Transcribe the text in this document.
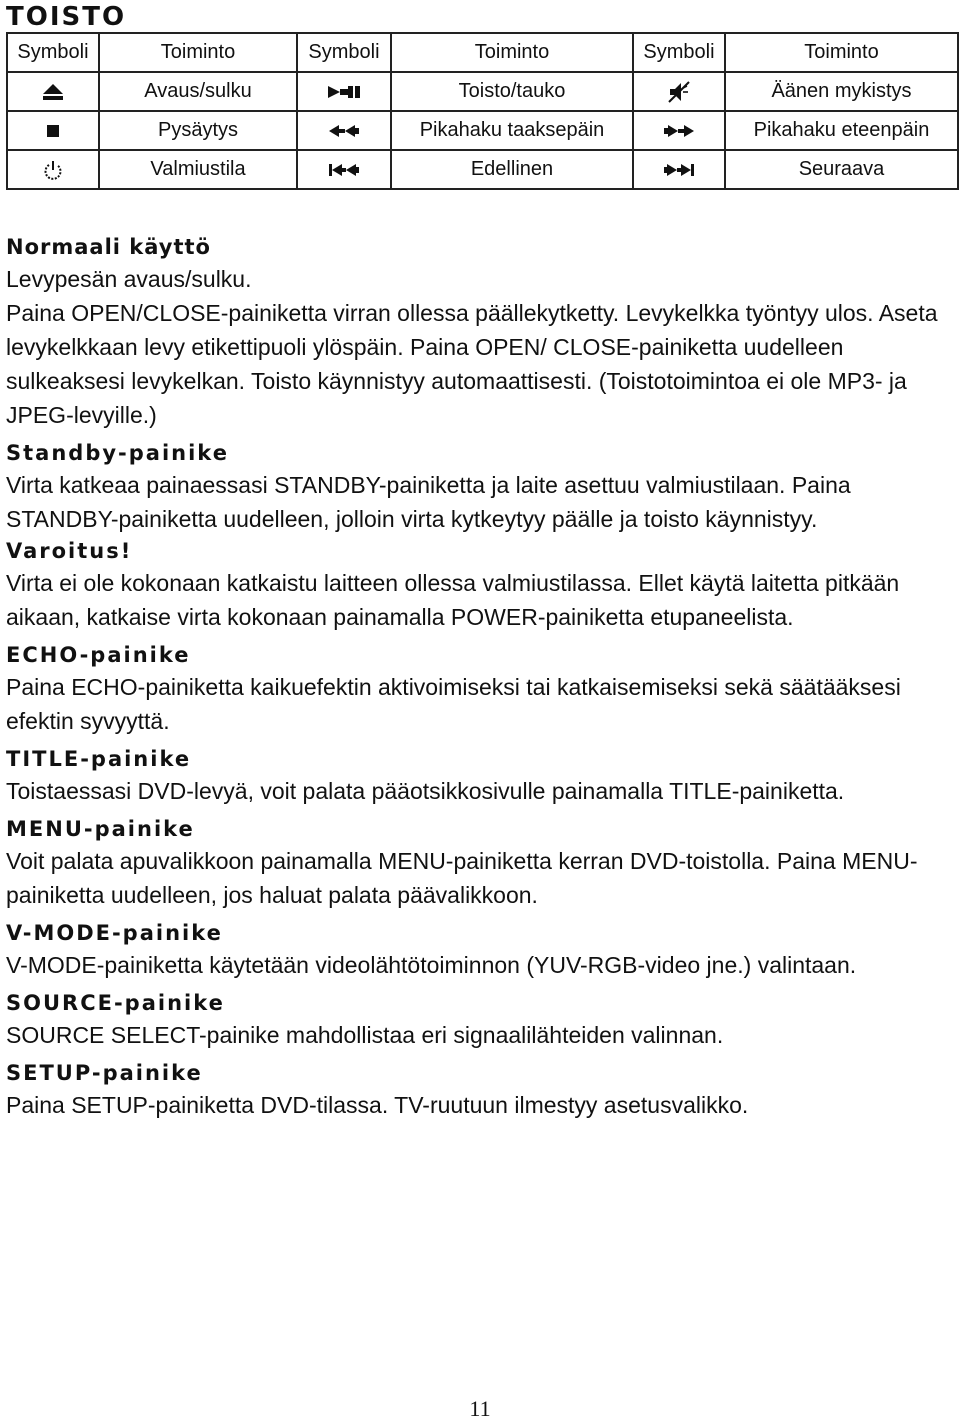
TOISTO
Symboli	Toiminto	Symboli	Toiminto	Symboli	Toiminto

	Avaus/sulku		Toisto/tauko		Äänen mykistys

	Pysäytys		Pikahaku taaksepäin		Pikahaku eteenpäin

	Valmiustila		Edellinen		Seuraava
Normaali käyttö

Levypesän avaus/sulku.

Paina OPEN/CLOSE-painiketta virran ollessa päällekytketty. Levykelkka työntyy ulos. Aseta levykelkkaan levy etikettipuoli ylöspäin. Paina OPEN/ CLOSE-painiketta uudelleen sulkeaksesi levykelkan. Toisto käynnistyy automaattisesti. (Toistotoimintoa ei ole MP3- ja JPEG-levyille.)

Standby-painike

Virta katkeaa painaessasi STANDBY-painiketta ja laite asettuu valmiustilaan. Paina STANDBY-painiketta uudelleen, jolloin virta kytkeytyy päälle ja toisto käynnistyy.

Varoitus!

Virta ei ole kokonaan katkaistu laitteen ollessa valmiustilassa. Ellet käytä laitetta pitkään aikaan, katkaise virta kokonaan painamalla POWER-painiketta etupaneelista.

ECHO-painike

Paina ECHO-painiketta kaikuefektin aktivoimiseksi tai katkaisemiseksi sekä säätääksesi efektin syvyyttä.

TITLE-painike

Toistaessasi DVD-levyä, voit palata pääotsikkosivulle painamalla TITLE-painiketta.

MENU-painike

Voit palata apuvalikkoon painamalla MENU-painiketta kerran DVD-toistolla. Paina MENU-painiketta uudelleen, jos haluat palata päävalikkoon.

V-MODE-painike

V-MODE-painiketta käytetään videolähtötoiminnon (YUV-RGB-video jne.) valintaan.

SOURCE-painike

SOURCE SELECT-painike mahdollistaa eri signaalilähteiden valinnan.

SETUP-painike

Paina SETUP-painiketta DVD-tilassa. TV-ruutuun ilmestyy asetusvalikko.

11
